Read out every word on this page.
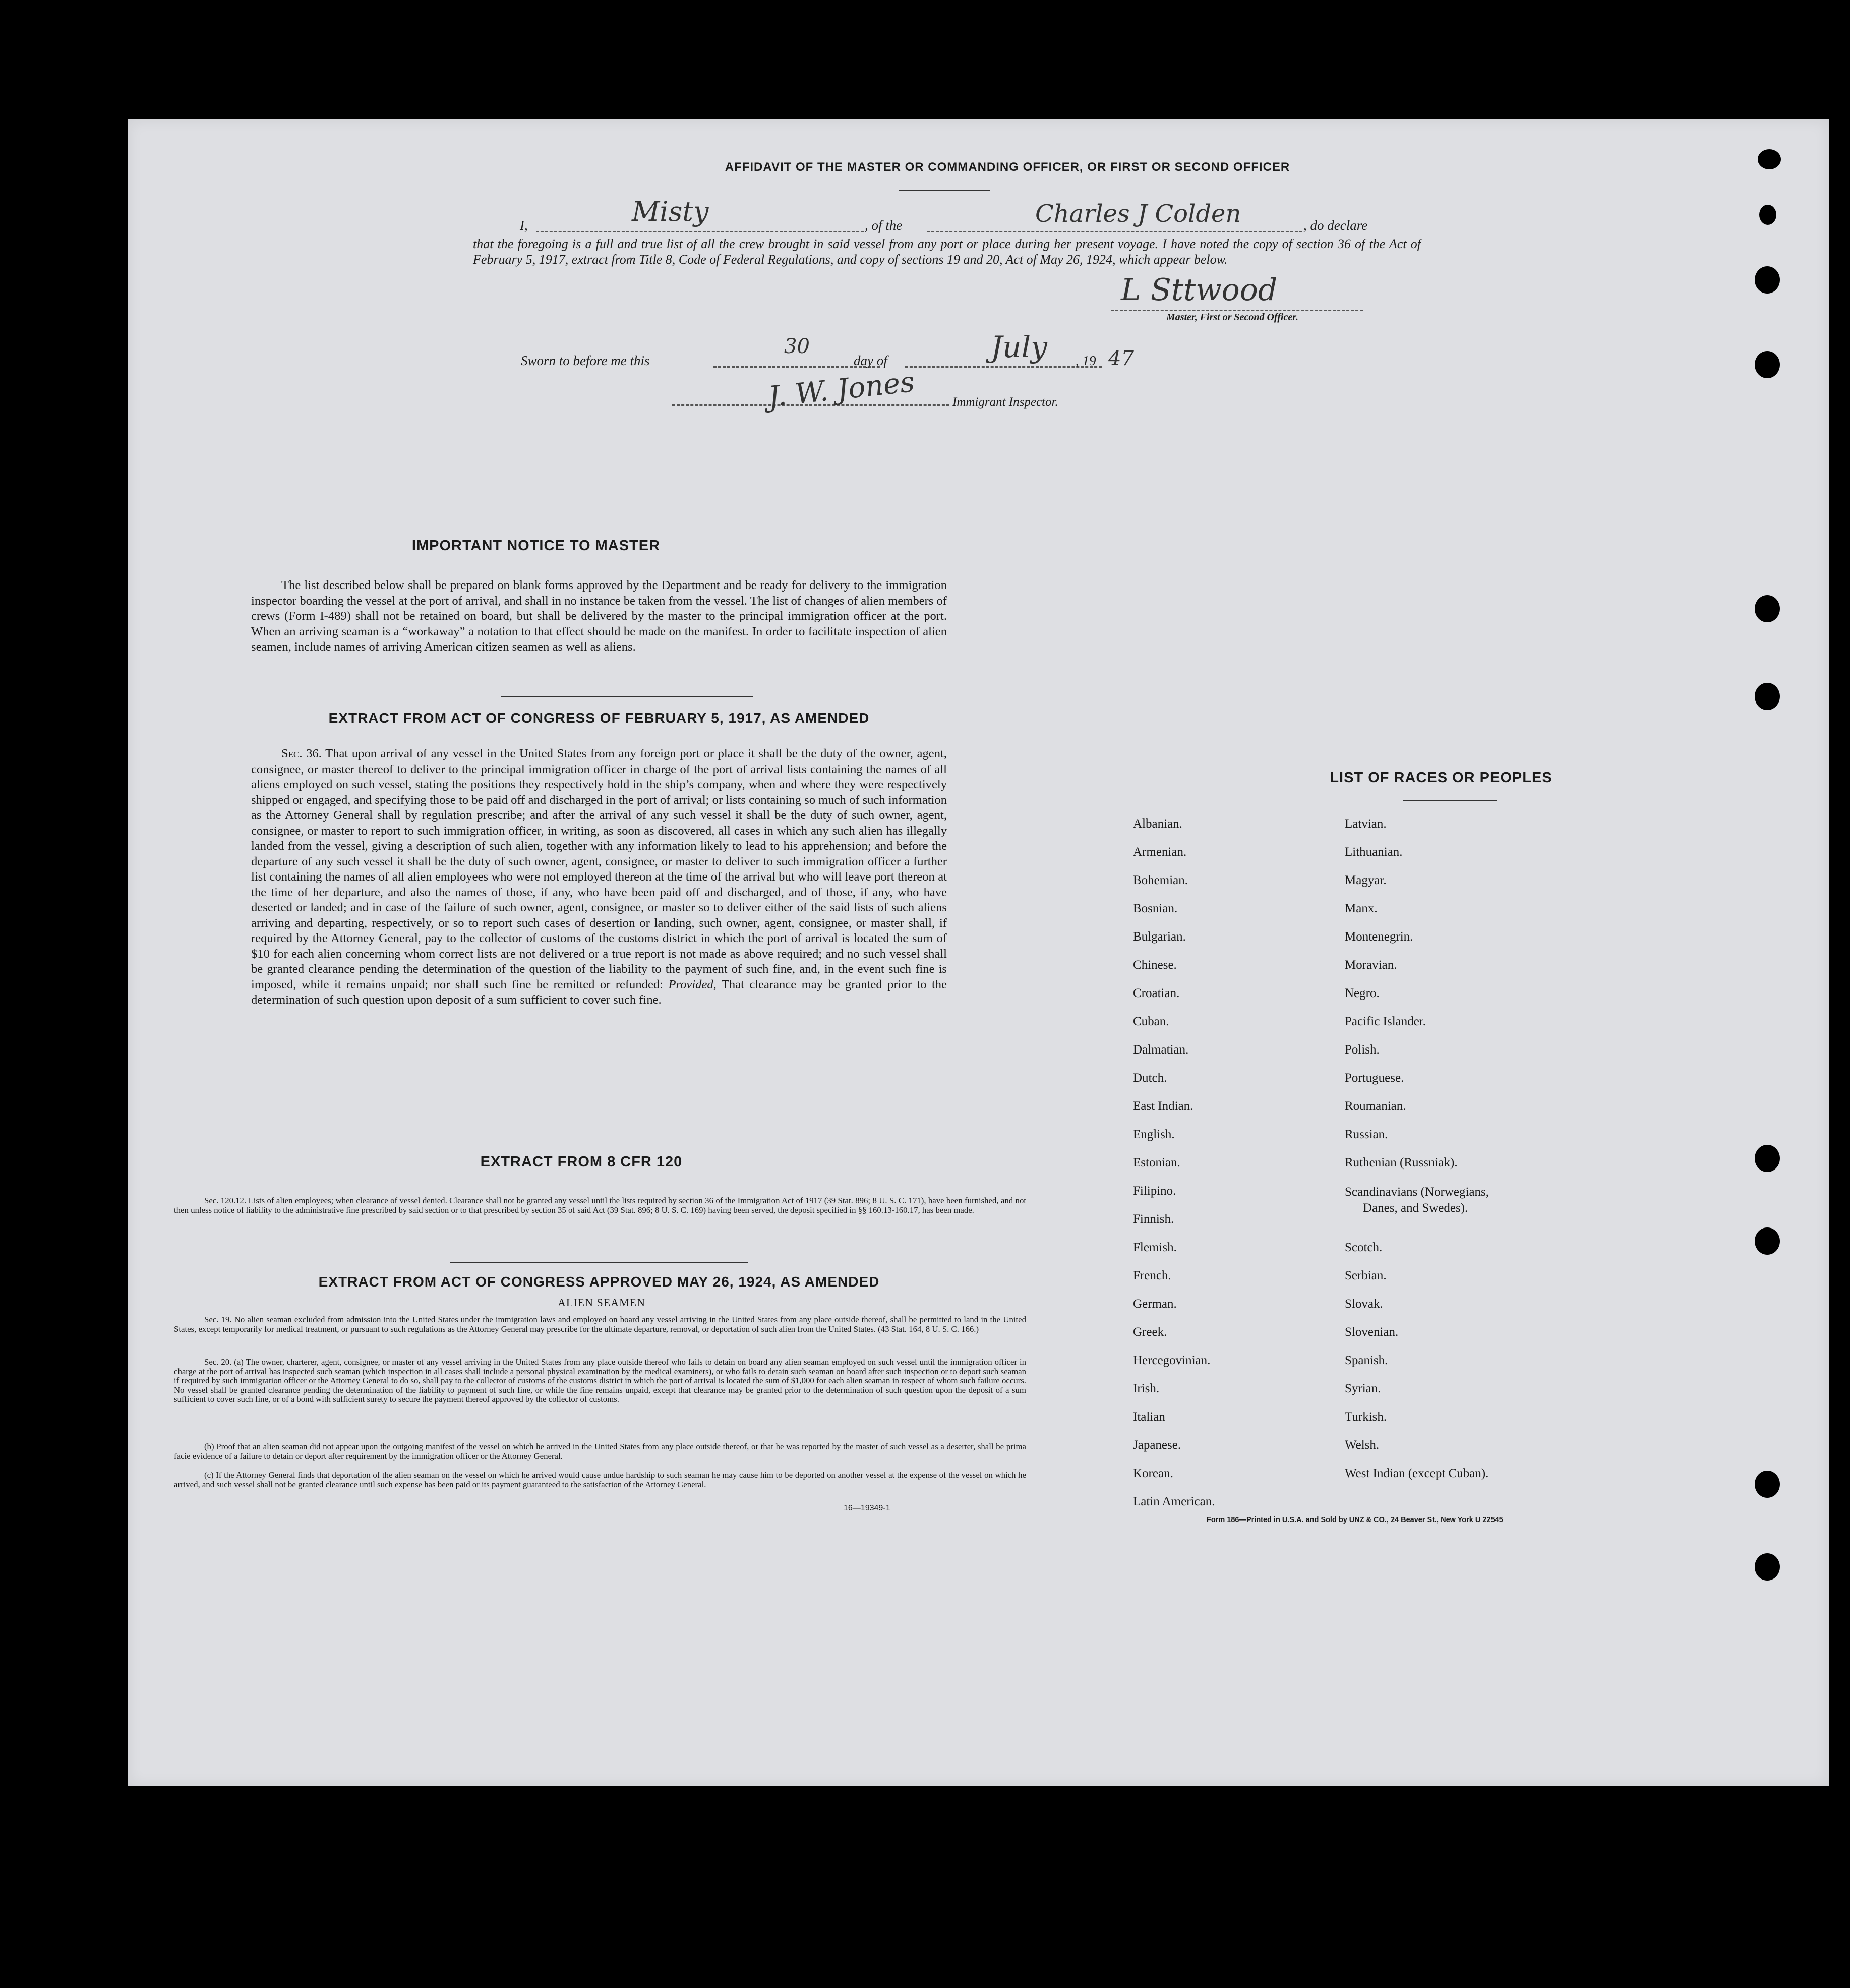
AFFIDAVIT OF THE MASTER OR COMMANDING OFFICER, OR FIRST OR SECOND OFFICER
I,	Misty	, of the	Charles J Colden	, do declare

that the foregoing is a full and true list of all the crew brought in said vessel from any port or place during her present voyage. I have noted the copy of section 36 of the Act of February 5, 1917, extract from Title 8, Code of Federal Regulations, and copy of sections 19 and 20, Act of May 26, 1924, which appear below.

L Sttwood
Master, First or Second Officer.
Sworn to before me this
30
day of	July , 19 47
J. W. Jones	Immigrant Inspector.
IMPORTANT NOTICE TO MASTER

The list described below shall be prepared on blank forms approved by the Department and be ready for delivery to the immigration inspector boarding the vessel at the port of arrival, and shall in no instance be taken from the vessel. The list of changes of alien members of crews (Form I-489) shall not be retained on board, but shall be delivered by the master to the principal immigration officer at the port. When an arriving seaman is a “workaway” a notation to that effect should be made on the manifest. In order to facilitate inspection of alien seamen, include names of arriving American citizen seamen as well as aliens.

EXTRACT FROM ACT OF CONGRESS OF FEBRUARY 5, 1917, AS AMENDED

Sec. 36. That upon arrival of any vessel in the United States from any foreign port or place it shall be the duty of the owner, agent, consignee, or master thereof to deliver to the principal immigration officer in charge of the port of arrival lists containing the names of all aliens employed on such vessel, stating the positions they respectively hold in the ship’s company, when and where they were respectively shipped or engaged, and specifying those to be paid off and discharged in the port of arrival; or lists containing so much of such information as the Attorney General shall by regulation prescribe; and after the arrival of any such vessel it shall be the duty of such owner, agent, consignee, or master to report to such immigration officer, in writing, as soon as discovered, all cases in which any such alien has illegally landed from the vessel, giving a description of such alien, together with any information likely to lead to his apprehension; and before the departure of any such vessel it shall be the duty of such owner, agent, consignee, or master to deliver to such immigration officer a further list containing the names of all alien employees who were not employed thereon at the time of the arrival but who will leave port thereon at the time of her departure, and also the names of those, if any, who have been paid off and discharged, and of those, if any, who have deserted or landed; and in case of the failure of such owner, agent, consignee, or master so to deliver either of the said lists of such aliens arriving and departing, respectively, or so to report such cases of desertion or landing, such owner, agent, consignee, or master shall, if required by the Attorney General, pay to the collector of customs of the customs district in which the port of arrival is located the sum of $10 for each alien concerning whom correct lists are not delivered or a true report is not made as above required; and no such vessel shall be granted clearance pending the determination of the question of the liability to the payment of such fine, and, in the event such fine is imposed, while it remains unpaid; nor shall such fine be remitted or refunded: Provided, That clearance may be granted prior to the determination of such question upon deposit of a sum sufficient to cover such fine.

EXTRACT FROM 8 CFR 120

Sec. 120.12. Lists of alien employees; when clearance of vessel denied. Clearance shall not be granted any vessel until the lists required by section 36 of the Immigration Act of 1917 (39 Stat. 896; 8 U. S. C. 171), have been furnished, and not then unless notice of liability to the administrative fine prescribed by said section or to that prescribed by section 35 of said Act (39 Stat. 896; 8 U. S. C. 169) having been served, the deposit specified in §§ 160.13-160.17, has been made.

EXTRACT FROM ACT OF CONGRESS APPROVED MAY 26, 1924, AS AMENDED
ALIEN SEAMEN

Sec. 19. No alien seaman excluded from admission into the United States under the immigration laws and employed on board any vessel arriving in the United States from any place outside thereof, shall be permitted to land in the United States, except temporarily for medical treatment, or pursuant to such regulations as the Attorney General may prescribe for the ultimate departure, removal, or deportation of such alien from the United States. (43 Stat. 164, 8 U. S. C. 166.)

Sec. 20. (a) The owner, charterer, agent, consignee, or master of any vessel arriving in the United States from any place outside thereof who fails to detain on board any alien seaman employed on such vessel until the immigration officer in charge at the port of arrival has inspected such seaman (which inspection in all cases shall include a personal physical examination by the medical examiners), or who fails to detain such seaman on board after such inspection or to deport such seaman if required by such immigration officer or the Attorney General to do so, shall pay to the collector of customs of the customs district in which the port of arrival is located the sum of $1,000 for each alien seaman in respect of whom such failure occurs. No vessel shall be granted clearance pending the determination of the liability to payment of such fine, or while the fine remains unpaid, except that clearance may be granted prior to the determination of such question upon the deposit of a sum sufficient to cover such fine, or of a bond with sufficient surety to secure the payment thereof approved by the collector of customs.

(b) Proof that an alien seaman did not appear upon the outgoing manifest of the vessel on which he arrived in the United States from any place outside thereof, or that he was reported by the master of such vessel as a deserter, shall be prima facie evidence of a failure to detain or deport after requirement by the immigration officer or the Attorney General.

(c) If the Attorney General finds that deportation of the alien seaman on the vessel on which he arrived would cause undue hardship to such seaman he may cause him to be deported on another vessel at the expense of the vessel on which he arrived, and such vessel shall not be granted clearance until such expense has been paid or its payment guaranteed to the satisfaction of the Attorney General.

16—19349-1
LIST OF RACES OR PEOPLES
Albanian.
Armenian.
Bohemian.
Bosnian.
Bulgarian.
Chinese.
Croatian.
Cuban.
Dalmatian.
Dutch.
East Indian.
English.
Estonian.
Filipino.
Finnish.
Flemish.
French.
German.
Greek.
Hercegovinian.
Irish.
Italian
Japanese.
Korean.
Latin American.
Latvian.
Lithuanian.
Magyar.
Manx.
Montenegrin.
Moravian.
Negro.
Pacific Islander.
Polish.
Portuguese.
Roumanian.
Russian.
Ruthenian (Russniak).
Scandinavians (Norwegians,
Danes, and Swedes).
Scotch.
Serbian.
Slovak.
Slovenian.
Spanish.
Syrian.
Turkish.
Welsh.
West Indian (except Cuban).
Form 186—Printed in U.S.A. and Sold by UNZ & CO., 24 Beaver St., New York U 22545
